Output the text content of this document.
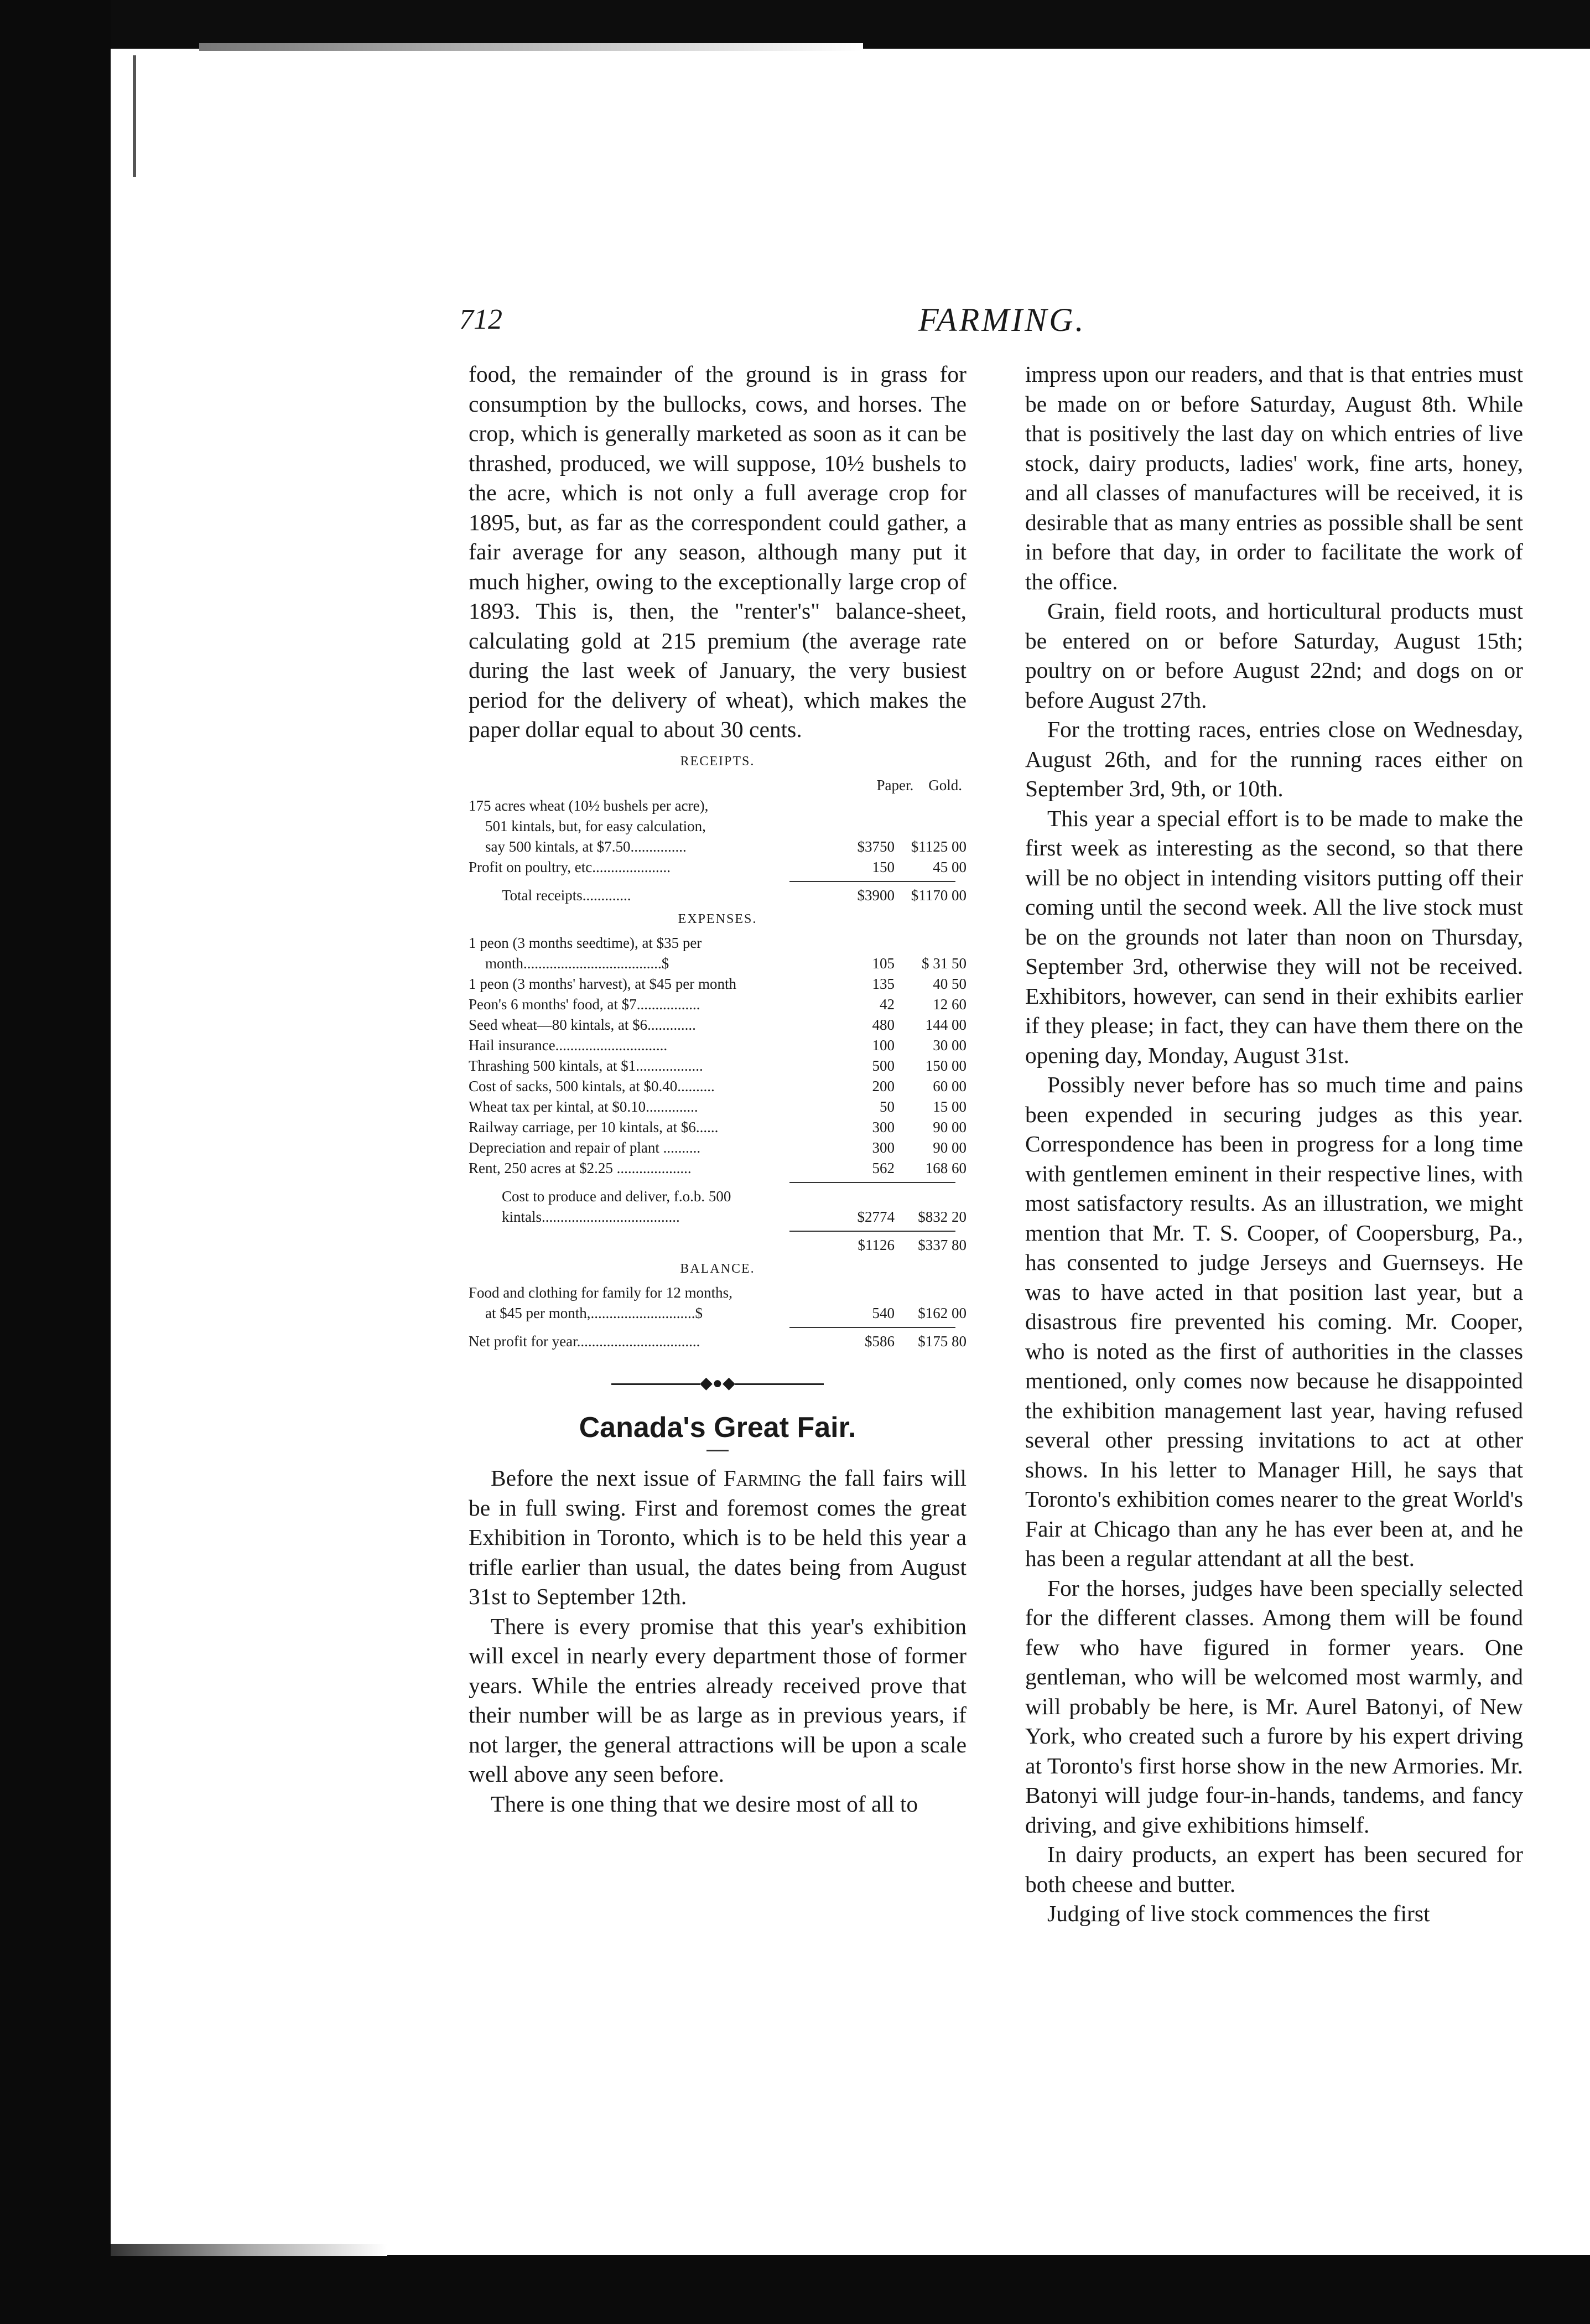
712	FARMING.

food, the remainder of the ground is in grass for consumption by the bullocks, cows, and horses. The crop, which is generally marketed as soon as it can be thrashed, produced, we will suppose, 10½ bushels to the acre, which is not only a full average crop for 1895, but, as far as the correspondent could gather, a fair average for any season, although many put it much higher, owing to the exceptionally large crop of 1893. This is, then, the "renter's" balance-sheet, calculating gold at 215 premium (the average rate during the last week of January, the very busiest period for the delivery of wheat), which makes the paper dollar equal to about 30 cents.

RECEIPTS.
Paper. Gold.
175 acres wheat (10½ bushels per acre),
501 kintals, but, for easy calculation,
say 500 kintals, at $7.50...............	$3750	$1125 00
Profit on poultry, etc.....................	150	45 00
Total receipts.............	$3900	$1170 00
EXPENSES.
1 peon (3 months seedtime), at $35 per
month.....................................$	105	$ 31 50
1 peon (3 months' harvest), at $45 per month	135	40 50
Peon's 6 months' food, at $7.................	42	12 60
Seed wheat—80 kintals, at $6.............	480	144 00
Hail insurance..............................	100	30 00
Thrashing 500 kintals, at $1..................	500	150 00
Cost of sacks, 500 kintals, at $0.40..........	200	60 00
Wheat tax per kintal, at $0.10..............	50	15 00
Railway carriage, per 10 kintals, at $6......	300	90 00
Depreciation and repair of plant ..........	300	90 00
Rent, 250 acres at $2.25 ....................	562	168 60
Cost to produce and deliver, f.o.b. 500
kintals.....................................	$2774	$832 20
$1126	$337 80
BALANCE.
Food and clothing for family for 12 months,
at $45 per month,............................$	540	$162 00
Net profit for year.................................	$586	$175 80
◆●◆
Canada's Great Fair.

Before the next issue of Farming the fall fairs will be in full swing. First and foremost comes the great Exhibition in Toronto, which is to be held this year a trifle earlier than usual, the dates being from August 31st to September 12th.

There is every promise that this year's exhibition will excel in nearly every department those of former years. While the entries already received prove that their number will be as large as in previous years, if not larger, the general attractions will be upon a scale well above any seen before.

There is one thing that we desire most of all to

impress upon our readers, and that is that entries must be made on or before Saturday, August 8th. While that is positively the last day on which entries of live stock, dairy products, ladies' work, fine arts, honey, and all classes of manufactures will be received, it is desirable that as many entries as possible shall be sent in before that day, in order to facilitate the work of the office.

Grain, field roots, and horticultural products must be entered on or before Saturday, August 15th; poultry on or before August 22nd; and dogs on or before August 27th.

For the trotting races, entries close on Wednesday, August 26th, and for the running races either on September 3rd, 9th, or 10th.

This year a special effort is to be made to make the first week as interesting as the second, so that there will be no object in intending visitors putting off their coming until the second week. All the live stock must be on the grounds not later than noon on Thursday, September 3rd, otherwise they will not be received. Exhibitors, however, can send in their exhibits earlier if they please; in fact, they can have them there on the opening day, Monday, August 31st.

Possibly never before has so much time and pains been expended in securing judges as this year. Correspondence has been in progress for a long time with gentlemen eminent in their respective lines, with most satisfactory results. As an illustration, we might mention that Mr. T. S. Cooper, of Coopersburg, Pa., has consented to judge Jerseys and Guernseys. He was to have acted in that position last year, but a disastrous fire prevented his coming. Mr. Cooper, who is noted as the first of authorities in the classes mentioned, only comes now because he disappointed the exhibition management last year, having refused several other pressing invitations to act at other shows. In his letter to Manager Hill, he says that Toronto's exhibition comes nearer to the great World's Fair at Chicago than any he has ever been at, and he has been a regular attendant at all the best.

For the horses, judges have been specially selected for the different classes. Among them will be found few who have figured in former years. One gentleman, who will be welcomed most warmly, and will probably be here, is Mr. Aurel Batonyi, of New York, who created such a furore by his expert driving at Toronto's first horse show in the new Armories. Mr. Batonyi will judge four-in-hands, tandems, and fancy driving, and give exhibitions himself.

In dairy products, an expert has been secured for both cheese and butter.

Judging of live stock commences the first
